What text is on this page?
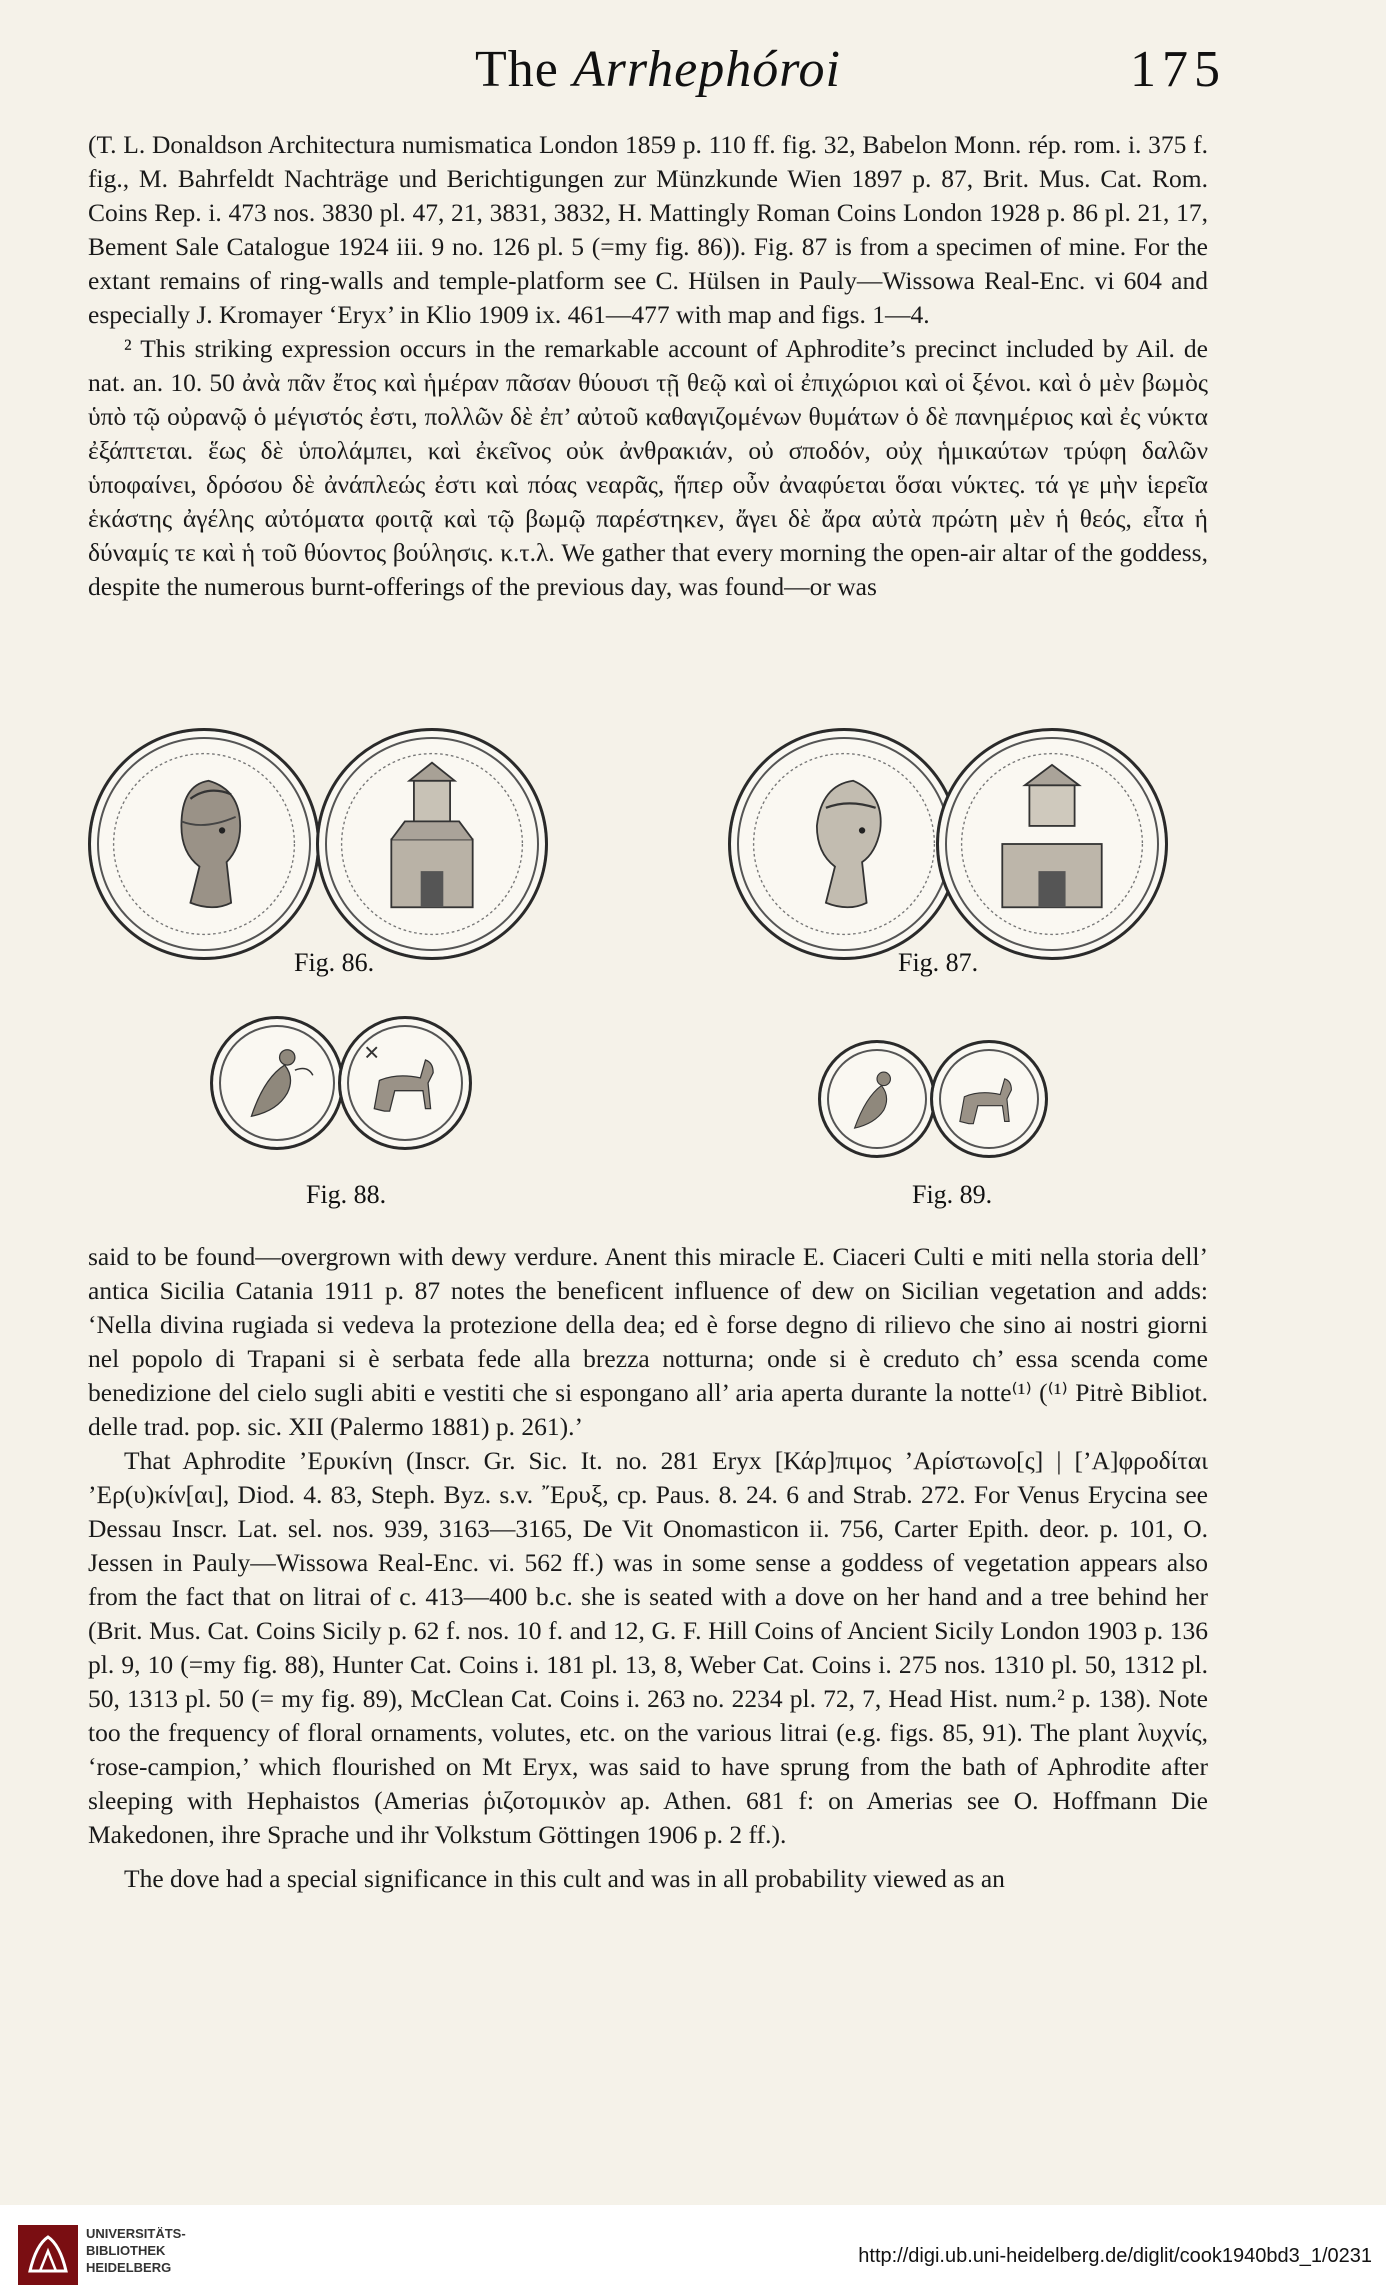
The Arrhephóroi	175

(T. L. Donaldson Architectura numismatica London 1859 p. 110 ff. fig. 32, Babelon Monn. rép. rom. i. 375 f. fig., M. Bahrfeldt Nachträge und Berichtigungen zur Münzkunde Wien 1897 p. 87, Brit. Mus. Cat. Rom. Coins Rep. i. 473 nos. 3830 pl. 47, 21, 3831, 3832, H. Mattingly Roman Coins London 1928 p. 86 pl. 21, 17, Bement Sale Catalogue 1924 iii. 9 no. 126 pl. 5 (=my fig. 86)). Fig. 87 is from a specimen of mine. For the extant remains of ring-walls and temple-platform see C. Hülsen in Pauly—Wissowa Real-Enc. vi 604 and especially J. Kromayer ‘Eryx’ in Klio 1909 ix. 461—477 with map and figs. 1—4.

² This striking expression occurs in the remarkable account of Aphrodite’s precinct included by Ail. de nat. an. 10. 50 ἀνὰ πᾶν ἔτος καὶ ἡμέραν πᾶσαν θύουσι τῇ θεῷ καὶ οἱ ἐπιχώριοι καὶ οἱ ξένοι. καὶ ὁ μὲν βωμὸς ὑπὸ τῷ οὐρανῷ ὁ μέγιστός ἐστι, πολλῶν δὲ ἐπ’ αὐτοῦ καθαγιζομένων θυμάτων ὁ δὲ πανημέριος καὶ ἐς νύκτα ἐξάπτεται. ἕως δὲ ὑπολάμπει, καὶ ἐκεῖνος οὐκ ἀνθρακιάν, οὐ σποδόν, οὐχ ἡμικαύτων τρύφη δαλῶν ὑποφαίνει, δρόσου δὲ ἀνάπλεώς ἐστι καὶ πόας νεαρᾶς, ἥπερ οὖν ἀναφύεται ὅσαι νύκτες. τά γε μὴν ἱερεῖα ἑκάστης ἀγέλης αὐτόματα φοιτᾷ καὶ τῷ βωμῷ παρέστηκεν, ἄγει δὲ ἄρα αὐτὰ πρώτη μὲν ἡ θεός, εἶτα ἡ δύναμίς τε καὶ ἡ τοῦ θύοντος βούλησις. κ.τ.λ. We gather that every morning the open-air altar of the goddess, despite the numerous burnt-offerings of the previous day, was found—or was

Fig. 86.	Fig. 87.
Fig. 88.	Fig. 89.

said to be found—overgrown with dewy verdure. Anent this miracle E. Ciaceri Culti e miti nella storia dell’ antica Sicilia Catania 1911 p. 87 notes the beneficent influence of dew on Sicilian vegetation and adds: ‘Nella divina rugiada si vedeva la protezione della dea; ed è forse degno di rilievo che sino ai nostri giorni nel popolo di Trapani si è serbata fede alla brezza notturna; onde si è creduto ch’ essa scenda come benedizione del cielo sugli abiti e vestiti che si espongano all’ aria aperta durante la notte⁽¹⁾ (⁽¹⁾ Pitrè Bibliot. delle trad. pop. sic. XII (Palermo 1881) p. 261).’

That Aphrodite ’Ερυκίνη (Inscr. Gr. Sic. It. no. 281 Eryx [Κάρ]πιμος ’Αρίστωνο[ς] | [’Α]φροδίται ’Ερ(υ)κίν[αι], Diod. 4. 83, Steph. Byz. s.v. ῎Ερυξ, cp. Paus. 8. 24. 6 and Strab. 272. For Venus Erycina see Dessau Inscr. Lat. sel. nos. 939, 3163—3165, De Vit Onomasticon ii. 756, Carter Epith. deor. p. 101, O. Jessen in Pauly—Wissowa Real-Enc. vi. 562 ff.) was in some sense a goddess of vegetation appears also from the fact that on litrai of c. 413—400 b.c. she is seated with a dove on her hand and a tree behind her (Brit. Mus. Cat. Coins Sicily p. 62 f. nos. 10 f. and 12, G. F. Hill Coins of Ancient Sicily London 1903 p. 136 pl. 9, 10 (=my fig. 88), Hunter Cat. Coins i. 181 pl. 13, 8, Weber Cat. Coins i. 275 nos. 1310 pl. 50, 1312 pl. 50, 1313 pl. 50 (= my fig. 89), McClean Cat. Coins i. 263 no. 2234 pl. 72, 7, Head Hist. num.² p. 138). Note too the frequency of floral ornaments, volutes, etc. on the various litrai (e.g. figs. 85, 91). The plant λυχνίς, ‘rose-campion,’ which flourished on Mt Eryx, was said to have sprung from the bath of Aphrodite after sleeping with Hephaistos (Amerias ῥιζοτομικὸν ap. Athen. 681 f: on Amerias see O. Hoffmann Die Makedonen, ihre Sprache und ihr Volkstum Göttingen 1906 p. 2 ff.).

The dove had a special significance in this cult and was in all probability viewed as an

UNIVERSITÄTS-
BIBLIOTHEK
HEIDELBERG
http://digi.ub.uni-heidelberg.de/diglit/cook1940bd3_1/0231
